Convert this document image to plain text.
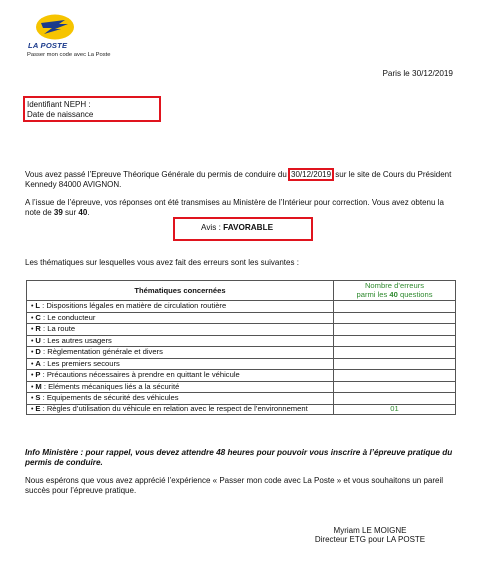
LA POSTE
Passer mon code avec La Poste
Paris le 30/12/2019
Identifiant NEPH :
Date de naissance
Vous avez passé l’Epreuve Théorique Générale du permis de conduire du 30/12/2019 sur le site de Cours du Président Kennedy 84000 AVIGNON.
A l’issue de l’épreuve, vos réponses ont été transmises au Ministère de l’Intérieur pour correction. Vous avez obtenu la note de 39 sur 40.
Avis : FAVORABLE
Les thématiques sur lesquelles vous avez fait des erreurs sont les suivantes :
Thématiques concernées	Nombre d’erreurs
parmi les 40 questions
• L : Dispositions légales en matière de circulation routière	
• C : Le conducteur	
• R : La route	
• U : Les autres usagers	
• D : Règlementation générale et divers	
• A : Les premiers secours	
• P : Précautions nécessaires à prendre en quittant le véhicule	
• M : Eléments mécaniques liés a la sécurité	
• S : Equipements de sécurité des véhicules	
• E : Règles d’utilisation du véhicule en relation avec le respect de l’environnement	01
Info Ministère : pour rappel, vous devez attendre 48 heures pour pouvoir vous inscrire à l’épreuve pratique du permis de conduire.
Nous espérons que vous avez apprécié l’expérience « Passer mon code avec La Poste » et vous souhaitons un pareil succès pour l’épreuve pratique.
Myriam LE MOIGNE
Directeur ETG pour LA POSTE
